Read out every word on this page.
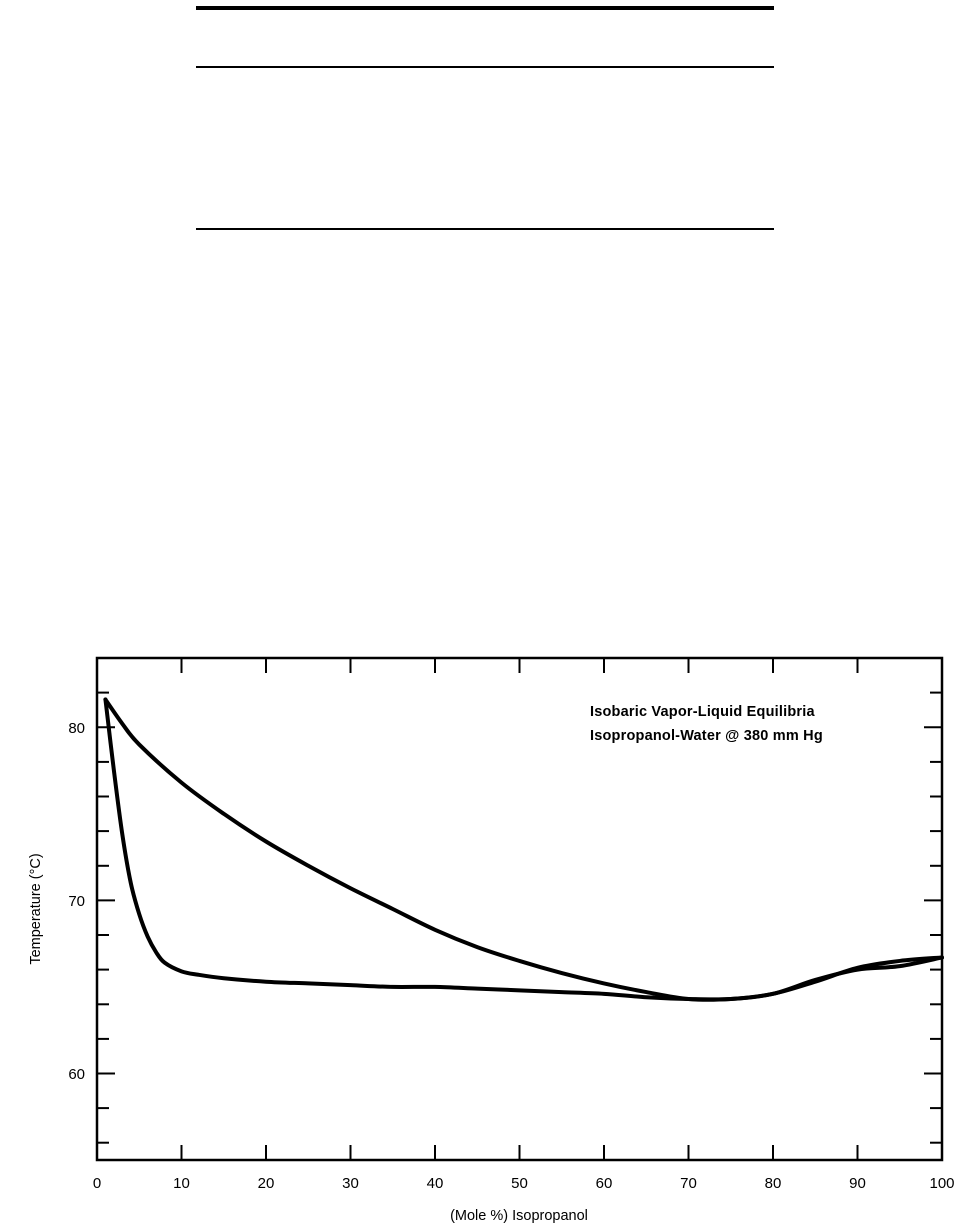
0	10	20	30	40	50	60	70	80	90	100
60
70
80
(Mole %) Isopropanol
Temperature (°C)
Isobaric Vapor-Liquid Equilibria
Isopropanol-Water @ 380 mm Hg
